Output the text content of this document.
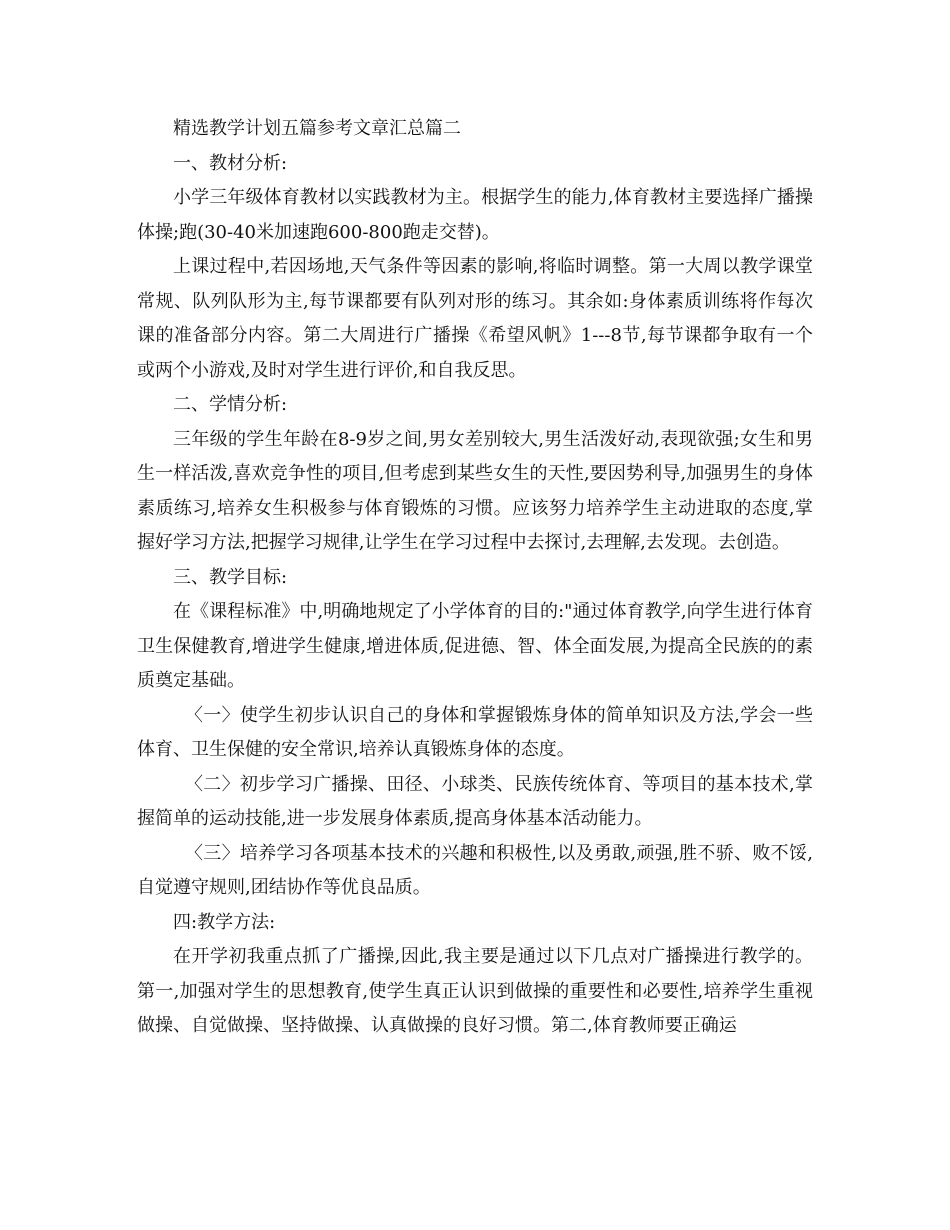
精选教学计划五篇参考文章汇总篇二

一、教材分析:

小学三年级体育教材以实践教材为主。根据学生的能力,体育教材主要选择广播操体操;跑(30-40米加速跑600-800跑走交替)。

上课过程中,若因场地,天气条件等因素的影响,将临时调整。第一大周以教学课堂常规、队列队形为主,每节课都要有队列对形的练习。其余如:身体素质训练将作每次课的准备部分内容。第二大周进行广播操《希望风帆》1---8节,每节课都争取有一个或两个小游戏,及时对学生进行评价,和自我反思。

二、学情分析:

三年级的学生年龄在8-9岁之间,男女差别较大,男生活泼好动,表现欲强;女生和男生一样活泼,喜欢竞争性的项目,但考虑到某些女生的天性,要因势利导,加强男生的身体素质练习,培养女生积极参与体育锻炼的习惯。应该努力培养学生主动进取的态度,掌握好学习方法,把握学习规律,让学生在学习过程中去探讨,去理解,去发现。去创造。

三、教学目标:

在《课程标准》中,明确地规定了小学体育的目的:"通过体育教学,向学生进行体育卫生保健教育,增进学生健康,增进体质,促进德、智、体全面发展,为提高全民族的的素质奠定基础。

〈一〉使学生初步认识自己的身体和掌握锻炼身体的简单知识及方法,学会一些体育、卫生保健的安全常识,培养认真锻炼身体的态度。

〈二〉初步学习广播操、田径、小球类、民族传统体育、等项目的基本技术,掌握简单的运动技能,进一步发展身体素质,提高身体基本活动能力。

〈三〉培养学习各项基本技术的兴趣和积极性,以及勇敢,顽强,胜不骄、败不馁,自觉遵守规则,团结协作等优良品质。

四:教学方法:

在开学初我重点抓了广播操,因此,我主要是通过以下几点对广播操进行教学的。第一,加强对学生的思想教育,使学生真正认识到做操的重要性和必要性,培养学生重视做操、自觉做操、坚持做操、认真做操的良好习惯。第二,体育教师要正确运
